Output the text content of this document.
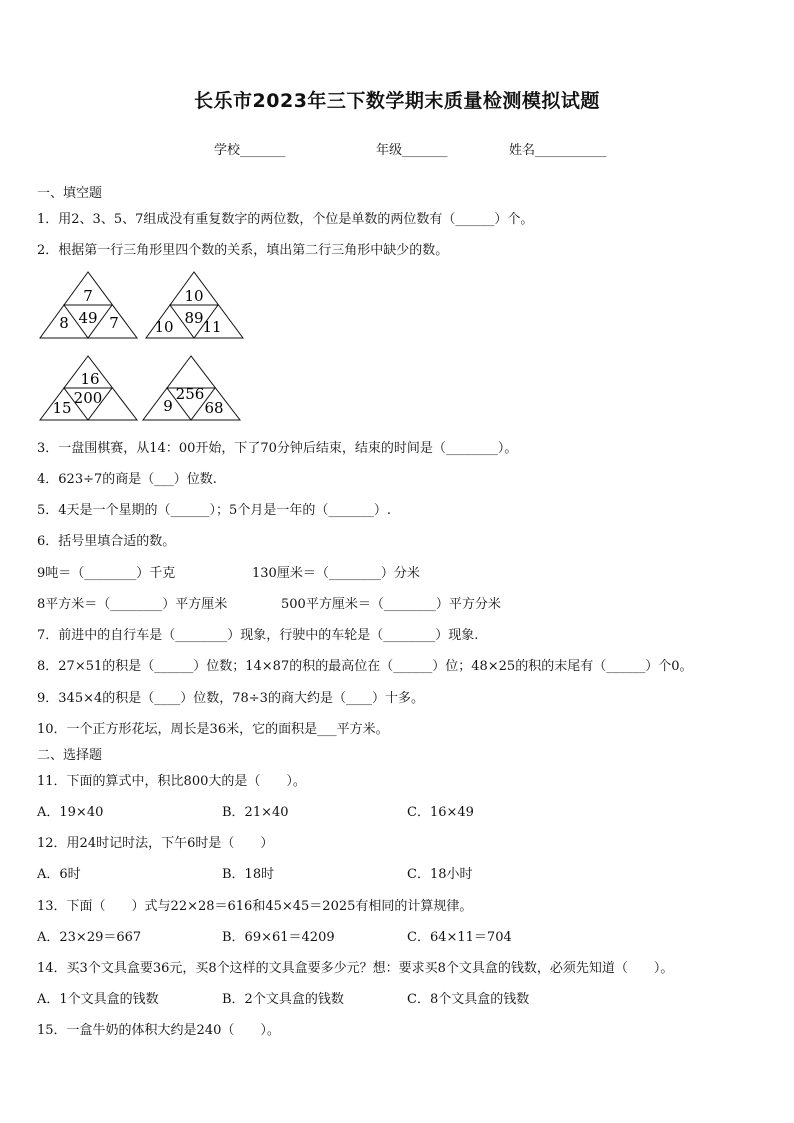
长乐市2023年三下数学期末质量检测模拟试题
学校_______	年级_______	姓名___________
一、填空题
1．用2、3、5、7组成没有重复数字的两位数，个位是单数的两位数有（______）个。
2．根据第一行三角形里四个数的关系，填出第二行三角形中缺少的数。
7
49
8	7
10
89
10 11
16
200
15
256
9 68
3．一盘围棋赛，从14：00开始，下了70分钟后结束，结束的时间是（________）。
4．623÷7的商是（___）位数.
5．4天是一个星期的（______）；5个月是一年的（_______）.
6．括号里填合适的数。
9吨＝（________）千克	130厘米＝（________）分米
8平方米＝（________）平方厘米	500平方厘米＝（________）平方分米
7．前进中的自行车是（________）现象，行驶中的车轮是（________）现象.
8．27×51的积是（______）位数；14×87的积的最高位在（______）位；48×25的积的末尾有（______）个0。
9．345×4的积是（____）位数，78÷3的商大约是（____）十多。
10．一个正方形花坛，周长是36米，它的面积是___平方米。
二、选择题
11．下面的算式中，积比800大的是（　　）。
A．19×40	B．21×40	C．16×49
12．用24时记时法，下午6时是（　　）
A．6时	B．18时	C．18小时
13．下面（　　）式与22×28＝616和45×45＝2025有相同的计算规律。
A．23×29＝667	B．69×61＝4209	C．64×11＝704
14．买3个文具盒要36元，买8个这样的文具盒要多少元？想：要求买8个文具盒的钱数，必须先知道（　　）。
A．1个文具盒的钱数	B．2个文具盒的钱数	C．8个文具盒的钱数
15．一盒牛奶的体积大约是240（　　）。
